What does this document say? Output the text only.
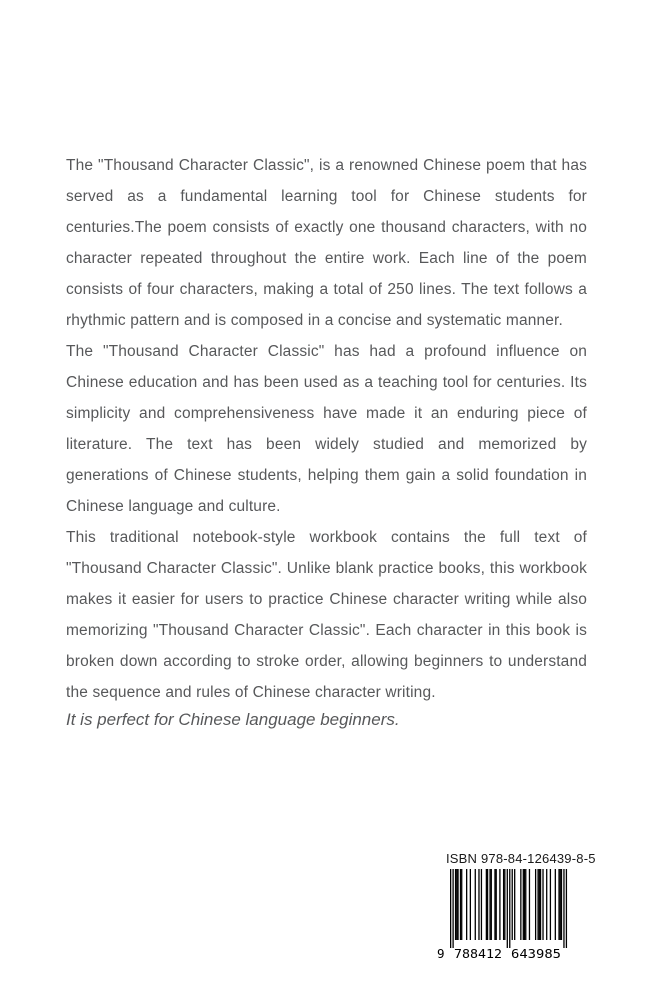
The "Thousand Character Classic", is a renowned Chinese poem that has served as a fundamental learning tool for Chinese students for centuries.The poem consists of exactly one thousand characters, with no character repeated throughout the entire work. Each line of the poem consists of four characters, making a total of 250 lines. The text follows a rhythmic pattern and is composed in a concise and systematic manner.

The "Thousand Character Classic" has had a profound influence on Chinese education and has been used as a teaching tool for centuries. Its simplicity and comprehensiveness have made it an enduring piece of literature. The text has been widely studied and memorized by generations of Chinese students, helping them gain a solid foundation in Chinese language and culture.

This traditional notebook-style workbook contains the full text of "Thousand Character Classic". Unlike blank practice books, this workbook makes it easier for users to practice Chinese character writing while also memorizing "Thousand Character Classic". Each character in this book is broken down according to stroke order, allowing beginners to understand the sequence and rules of Chinese character writing.

It is perfect for Chinese language beginners.

ISBN 978-84-126439-8-5
9 788412 643985
